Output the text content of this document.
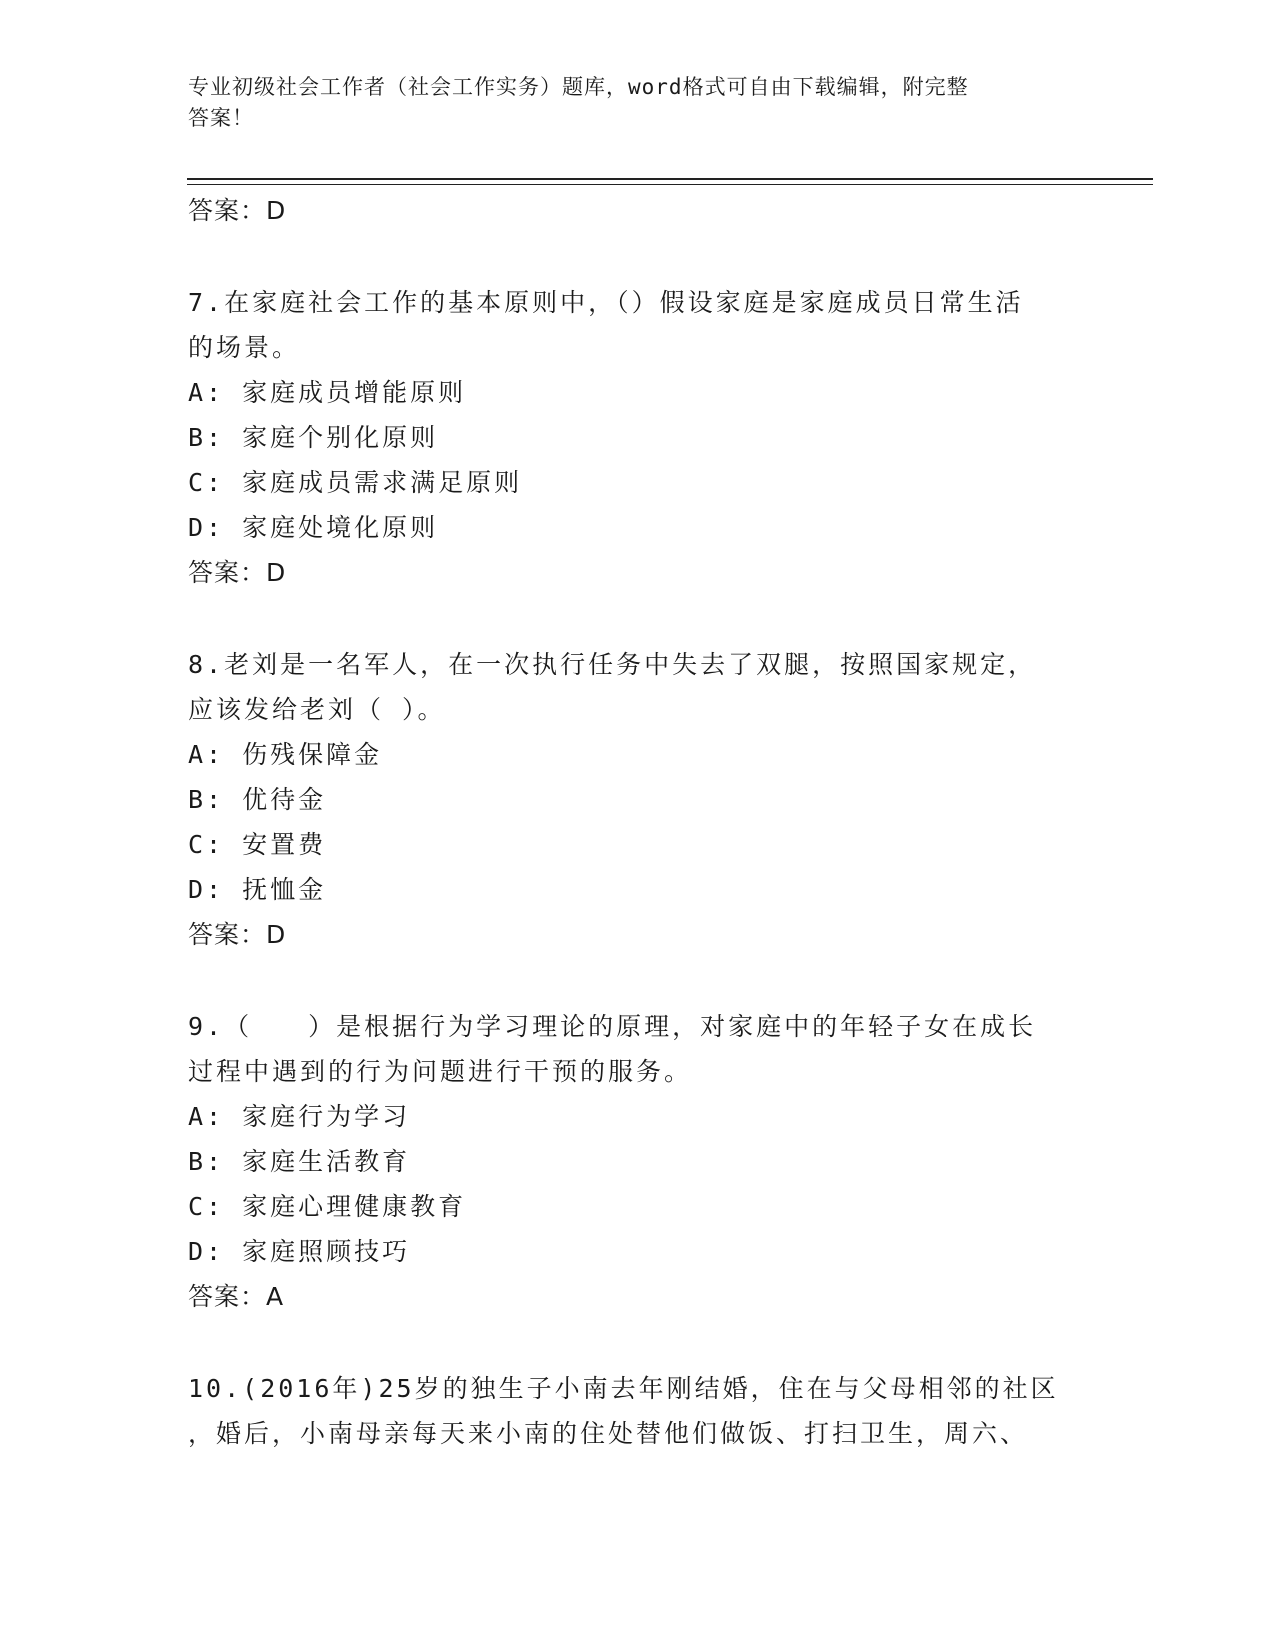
专业初级社会工作者（社会工作实务）题库，word格式可自由下载编辑，附完整
答案！
答案：D
7.在家庭社会工作的基本原则中，（）假设家庭是家庭成员日常生活
的场景。
A: 家庭成员增能原则
B: 家庭个别化原则
C: 家庭成员需求满足原则
D: 家庭处境化原则
答案：D
8.老刘是一名军人，在一次执行任务中失去了双腿，按照国家规定，
应该发给老刘（ ）。
A: 伤残保障金
B: 优待金
C: 安置费
D: 抚恤金
答案：D
9.（　　）是根据行为学习理论的原理，对家庭中的年轻子女在成长
过程中遇到的行为问题进行干预的服务。
A: 家庭行为学习
B: 家庭生活教育
C: 家庭心理健康教育
D: 家庭照顾技巧
答案：A
10.(2016年)25岁的独生子小南去年刚结婚，住在与父母相邻的社区
，婚后，小南母亲每天来小南的住处替他们做饭、打扫卫生，周六、
